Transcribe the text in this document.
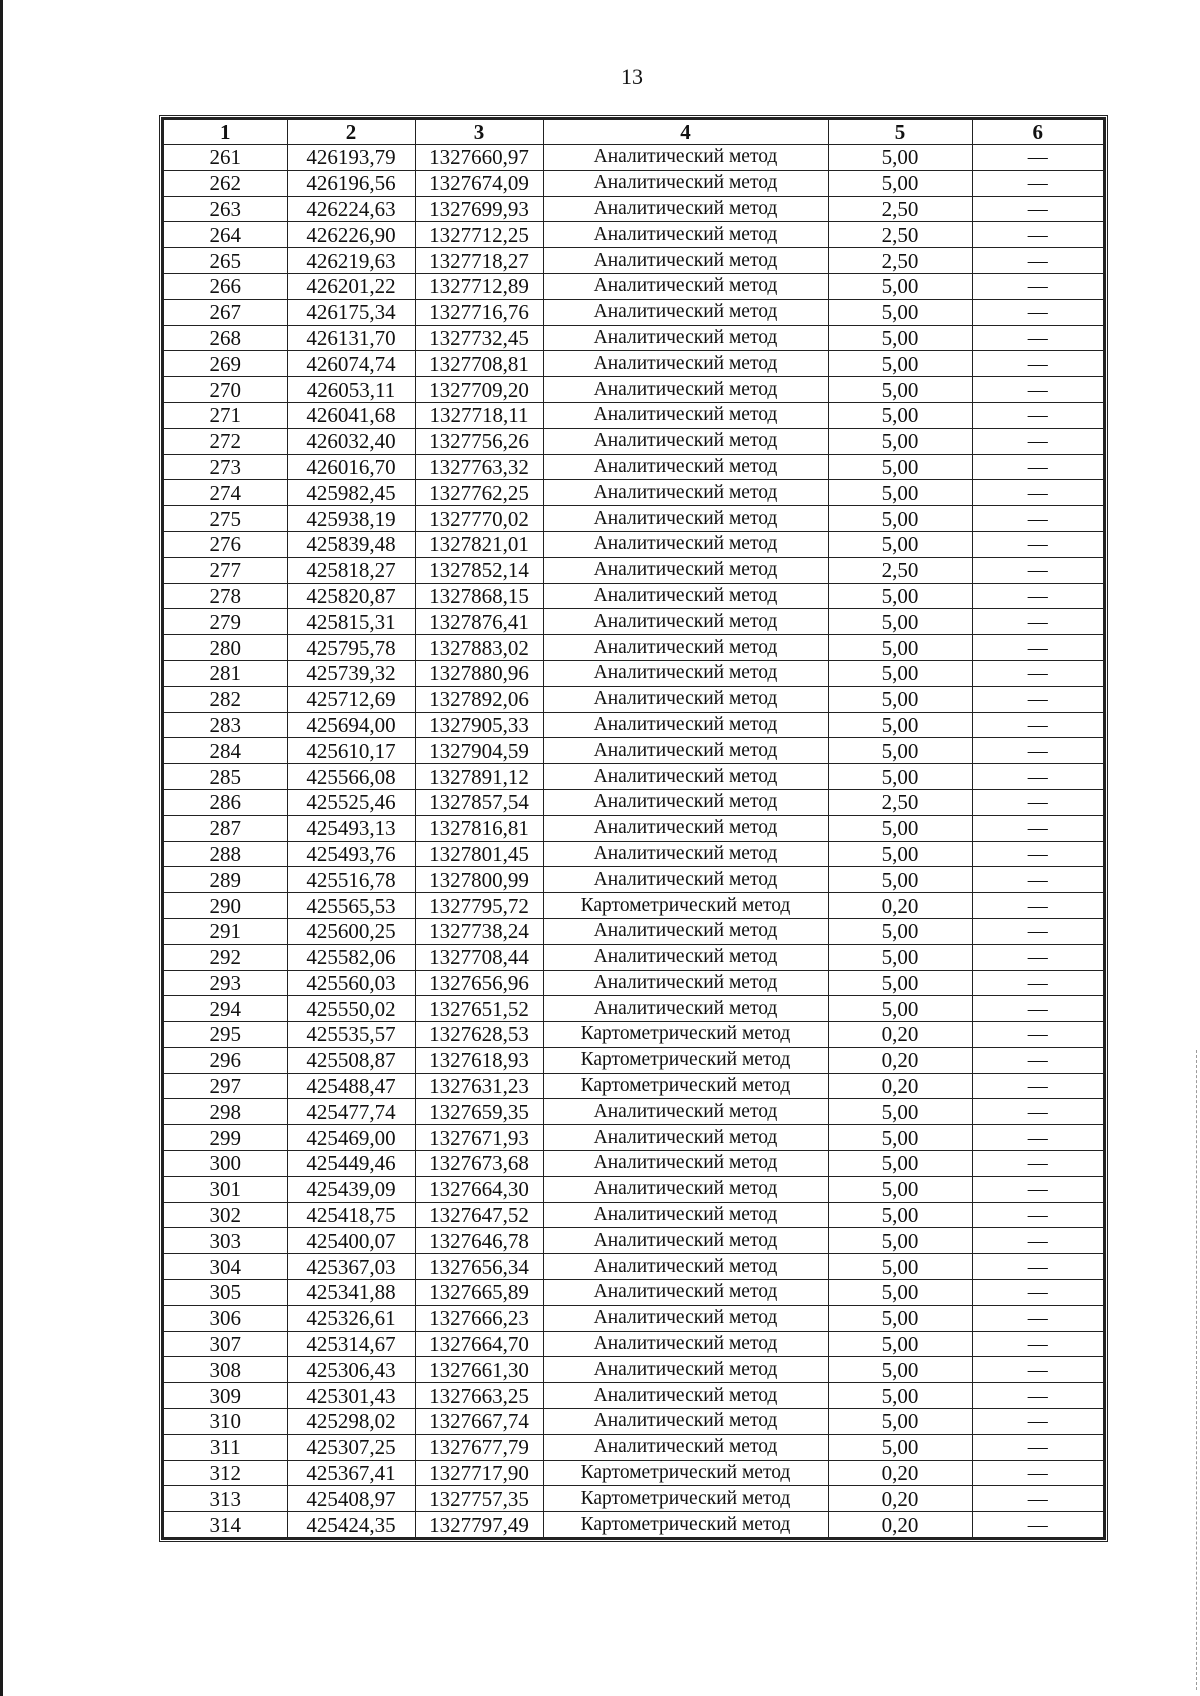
13
1	2	3	4	5	6
261	426193,79	1327660,97	Аналитический метод	5,00	—
262	426196,56	1327674,09	Аналитический метод	5,00	—
263	426224,63	1327699,93	Аналитический метод	2,50	—
264	426226,90	1327712,25	Аналитический метод	2,50	—
265	426219,63	1327718,27	Аналитический метод	2,50	—
266	426201,22	1327712,89	Аналитический метод	5,00	—
267	426175,34	1327716,76	Аналитический метод	5,00	—
268	426131,70	1327732,45	Аналитический метод	5,00	—
269	426074,74	1327708,81	Аналитический метод	5,00	—
270	426053,11	1327709,20	Аналитический метод	5,00	—
271	426041,68	1327718,11	Аналитический метод	5,00	—
272	426032,40	1327756,26	Аналитический метод	5,00	—
273	426016,70	1327763,32	Аналитический метод	5,00	—
274	425982,45	1327762,25	Аналитический метод	5,00	—
275	425938,19	1327770,02	Аналитический метод	5,00	—
276	425839,48	1327821,01	Аналитический метод	5,00	—
277	425818,27	1327852,14	Аналитический метод	2,50	—
278	425820,87	1327868,15	Аналитический метод	5,00	—
279	425815,31	1327876,41	Аналитический метод	5,00	—
280	425795,78	1327883,02	Аналитический метод	5,00	—
281	425739,32	1327880,96	Аналитический метод	5,00	—
282	425712,69	1327892,06	Аналитический метод	5,00	—
283	425694,00	1327905,33	Аналитический метод	5,00	—
284	425610,17	1327904,59	Аналитический метод	5,00	—
285	425566,08	1327891,12	Аналитический метод	5,00	—
286	425525,46	1327857,54	Аналитический метод	2,50	—
287	425493,13	1327816,81	Аналитический метод	5,00	—
288	425493,76	1327801,45	Аналитический метод	5,00	—
289	425516,78	1327800,99	Аналитический метод	5,00	—
290	425565,53	1327795,72	Картометрический метод	0,20	—
291	425600,25	1327738,24	Аналитический метод	5,00	—
292	425582,06	1327708,44	Аналитический метод	5,00	—
293	425560,03	1327656,96	Аналитический метод	5,00	—
294	425550,02	1327651,52	Аналитический метод	5,00	—
295	425535,57	1327628,53	Картометрический метод	0,20	—
296	425508,87	1327618,93	Картометрический метод	0,20	—
297	425488,47	1327631,23	Картометрический метод	0,20	—
298	425477,74	1327659,35	Аналитический метод	5,00	—
299	425469,00	1327671,93	Аналитический метод	5,00	—
300	425449,46	1327673,68	Аналитический метод	5,00	—
301	425439,09	1327664,30	Аналитический метод	5,00	—
302	425418,75	1327647,52	Аналитический метод	5,00	—
303	425400,07	1327646,78	Аналитический метод	5,00	—
304	425367,03	1327656,34	Аналитический метод	5,00	—
305	425341,88	1327665,89	Аналитический метод	5,00	—
306	425326,61	1327666,23	Аналитический метод	5,00	—
307	425314,67	1327664,70	Аналитический метод	5,00	—
308	425306,43	1327661,30	Аналитический метод	5,00	—
309	425301,43	1327663,25	Аналитический метод	5,00	—
310	425298,02	1327667,74	Аналитический метод	5,00	—
311	425307,25	1327677,79	Аналитический метод	5,00	—
312	425367,41	1327717,90	Картометрический метод	0,20	—
313	425408,97	1327757,35	Картометрический метод	0,20	—
314	425424,35	1327797,49	Картометрический метод	0,20	—
